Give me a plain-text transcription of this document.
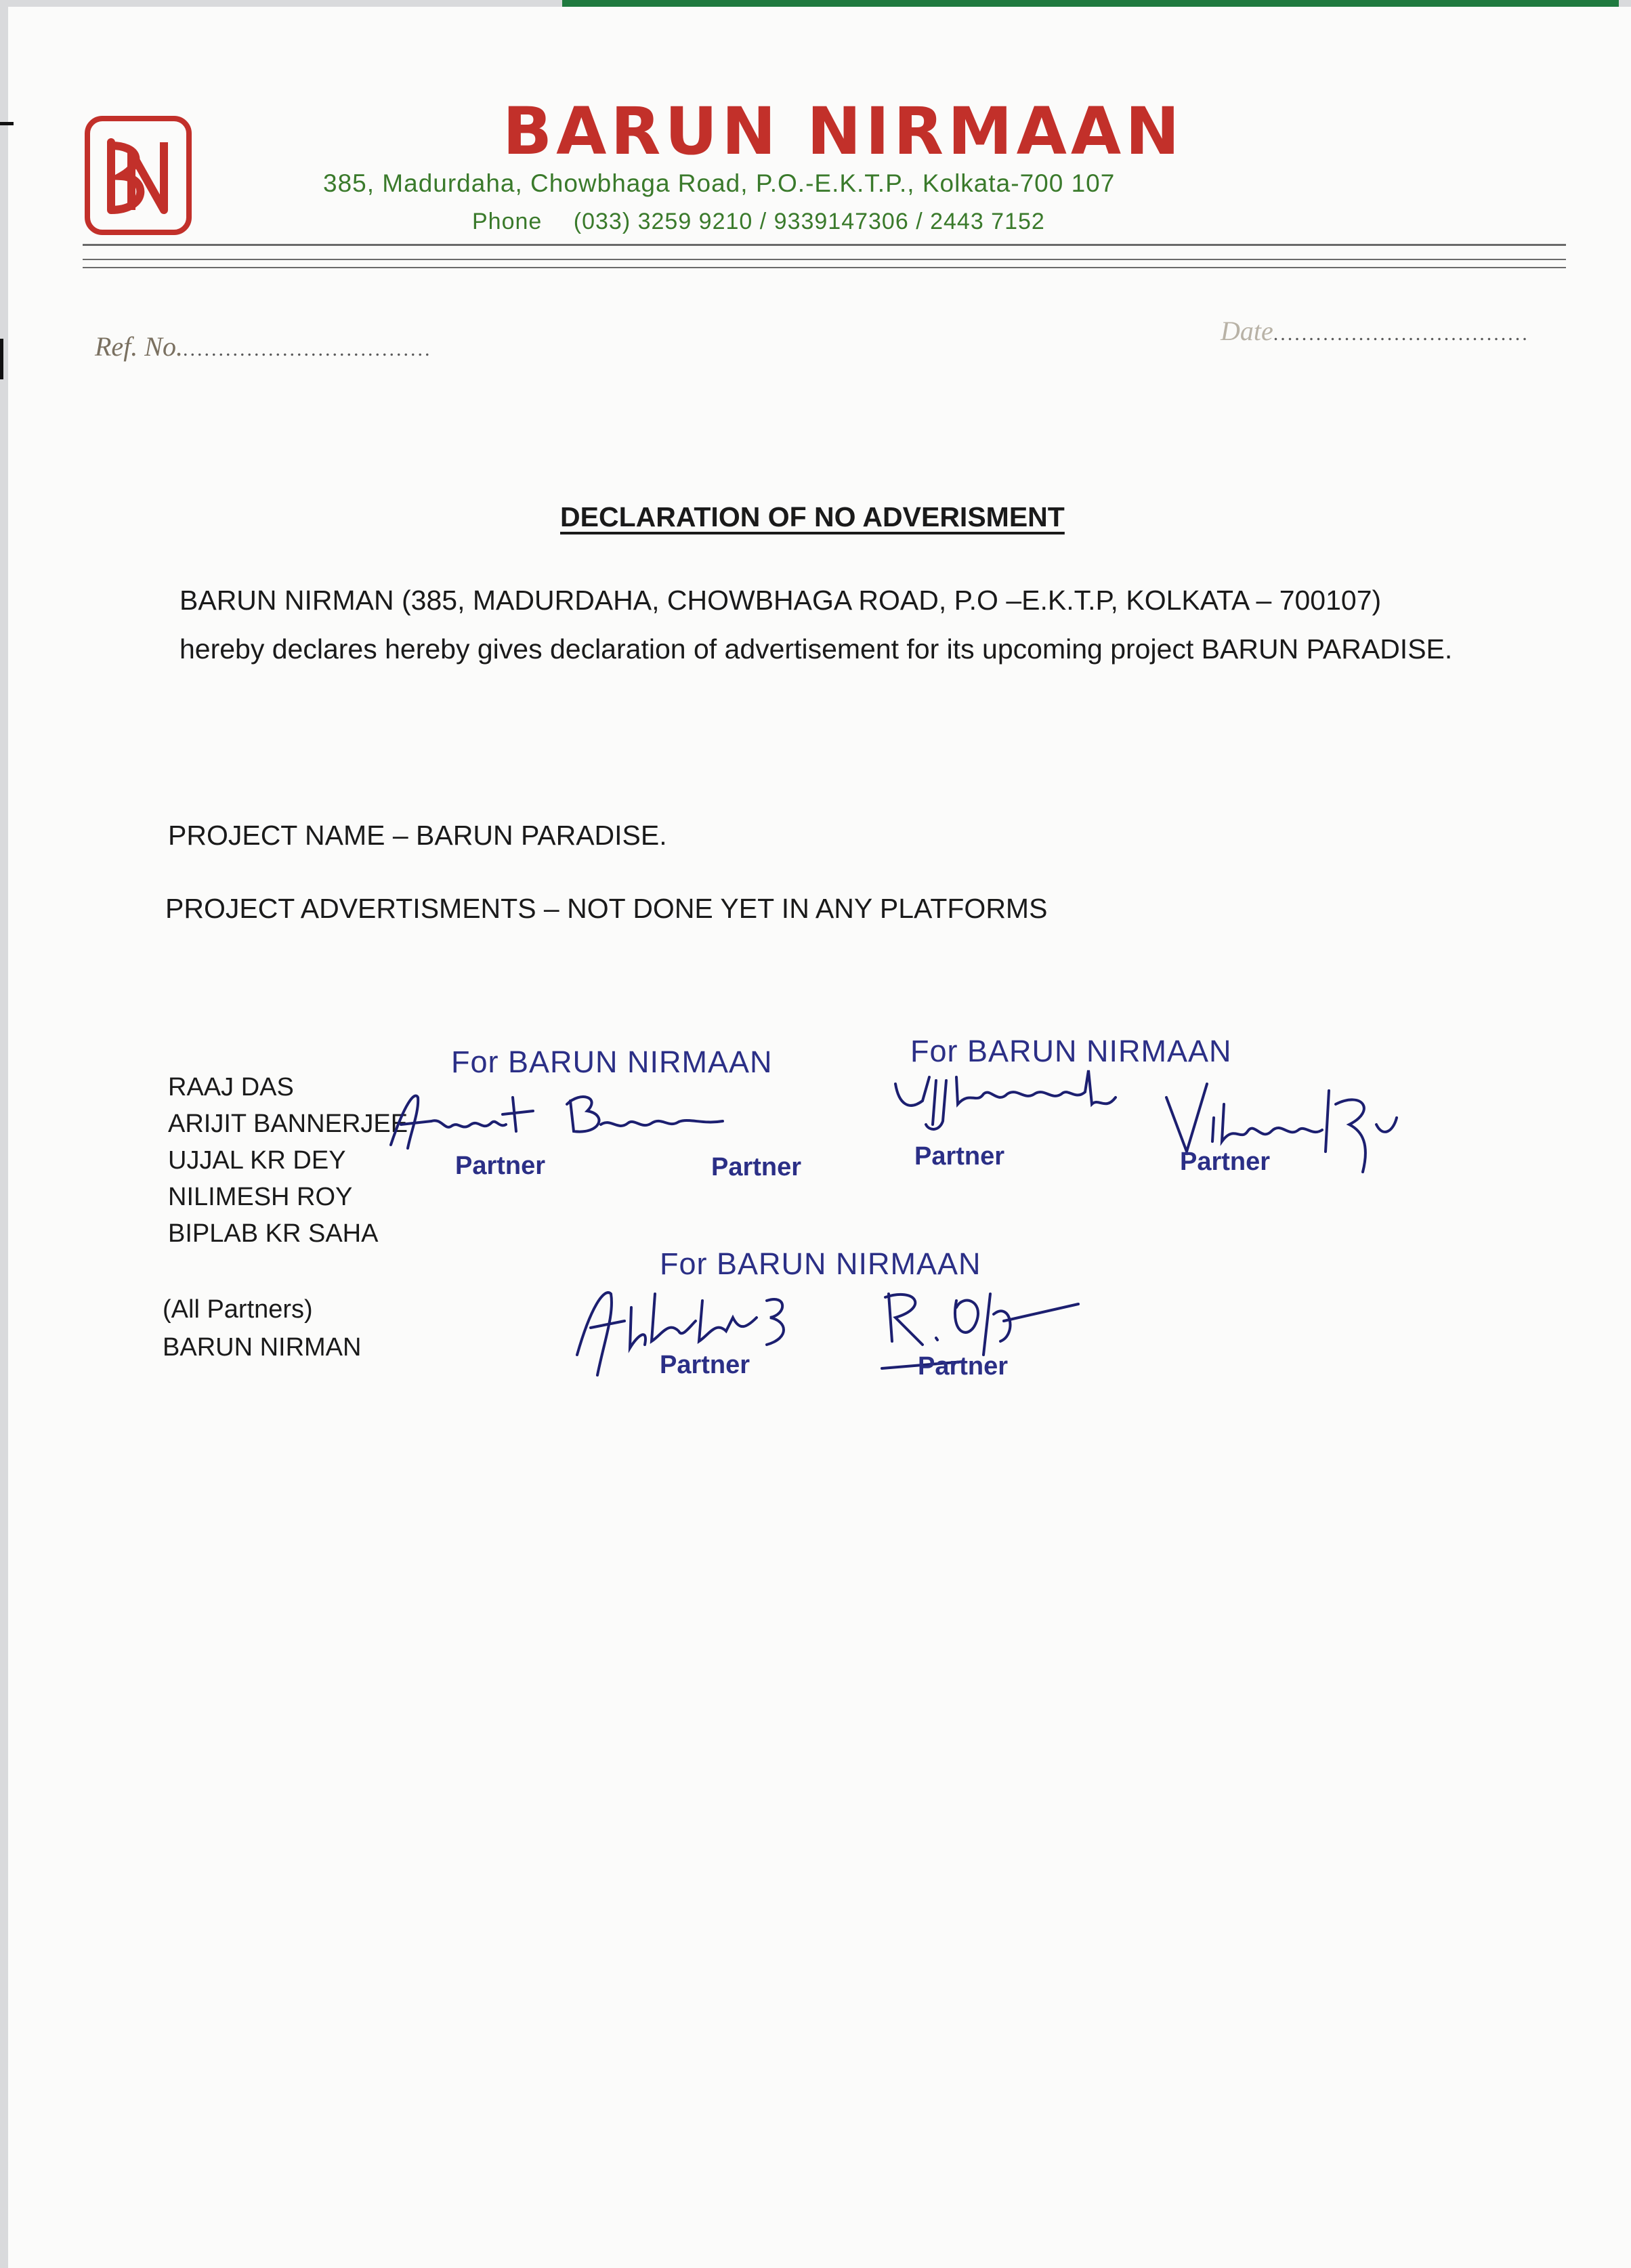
BARUN NIRMAAN
385, Madurdaha, Chowbhaga Road, P.O.-E.K.T.P., Kolkata-700 107
Phone (033) 3259 9210 / 9339147306 / 2443 7152
Ref. No....................................
Date....................................
DECLARATION OF NO ADVERISMENT
BARUN NIRMAN (385, MADURDAHA, CHOWBHAGA ROAD, P.O –E.K.T.P, KOLKATA – 700107) hereby declares hereby gives declaration of advertisement for its upcoming project BARUN PARADISE.
PROJECT NAME – BARUN PARADISE.
PROJECT ADVERTISMENTS – NOT DONE YET IN ANY PLATFORMS
RAAJ DAS
ARIJIT BANNERJEE
UJJAL KR DEY
NILIMESH ROY
BIPLAB KR SAHA
(All Partners)
BARUN NIRMAN
For BARUN NIRMAAN
Partner	Partner
For BARUN NIRMAAN
Partner	Partner
For BARUN NIRMAAN
Partner	Partner
